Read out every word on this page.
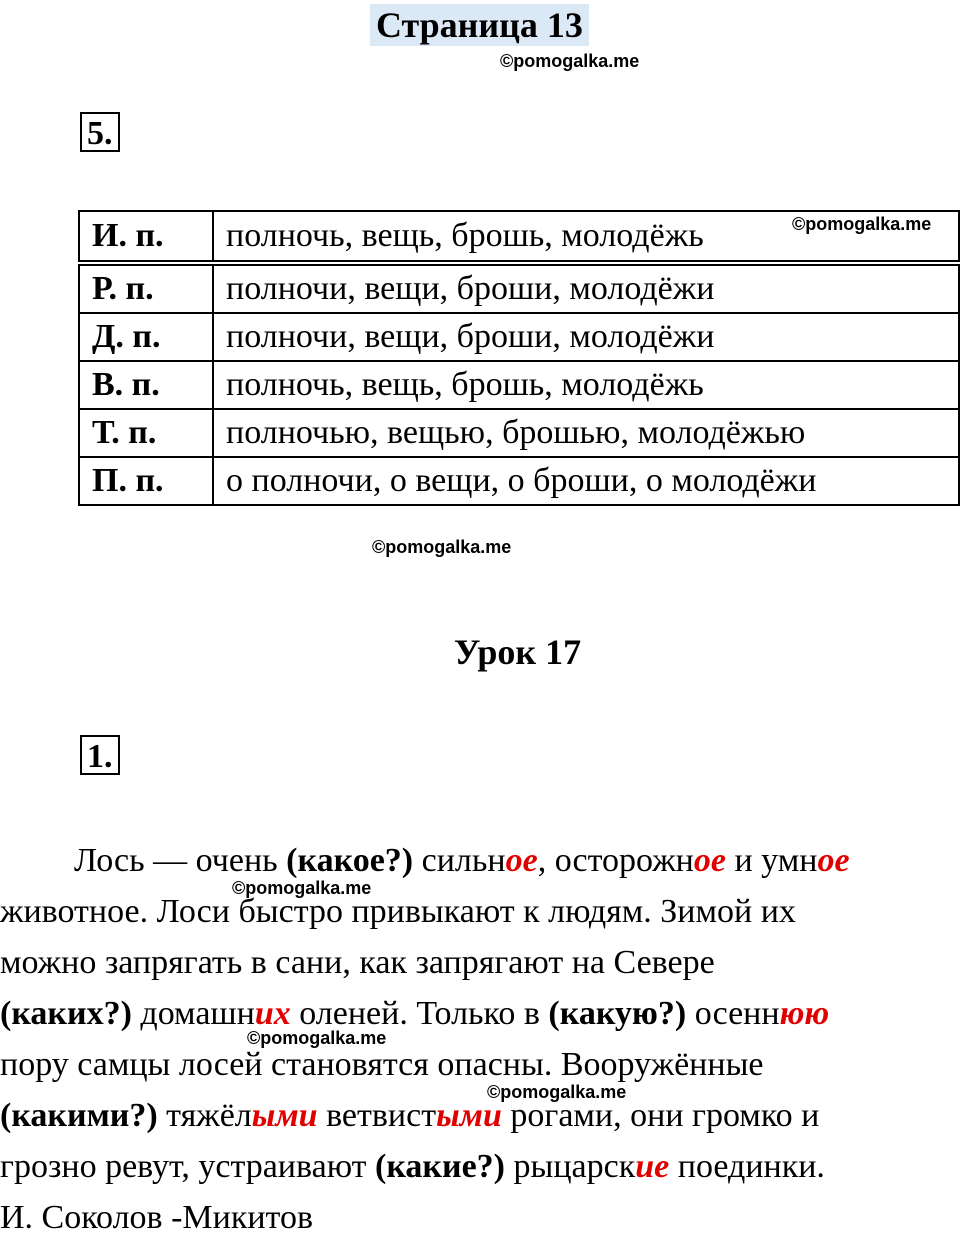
Страница 13
©pomogalka.me
5.
И. п.	полночь, вещь, брошь, молодёжь

Р. п.	полночи, вещи, броши, молодёжи
Д. п.	полночи, вещи, броши, молодёжи
В. п.	полночь, вещь, брошь, молодёжь
Т. п.	полночью, вещью, брошью, молодёжью
П. п.	о полночи, о вещи, о броши, о молодёжи
©pomogalka.me
©pomogalka.me
Урок 17
1.

Лось — очень (какое?) сильное, осторожное и умное

животное. Лоси быстро привыкают к людям. Зимой их

можно запрягать в сани, как запрягают на Севере

(каких?) домашних оленей. Только в (какую?) осеннюю

пору самцы лосей становятся опасны. Вооружённые

(какими?) тяжёлыми ветвистыми рогами, они громко и

грозно ревут, устраивают (какие?) рыцарские поединки.

И. Соколов -Микитов

©pomogalka.me
©pomogalka.me
©pomogalka.me
